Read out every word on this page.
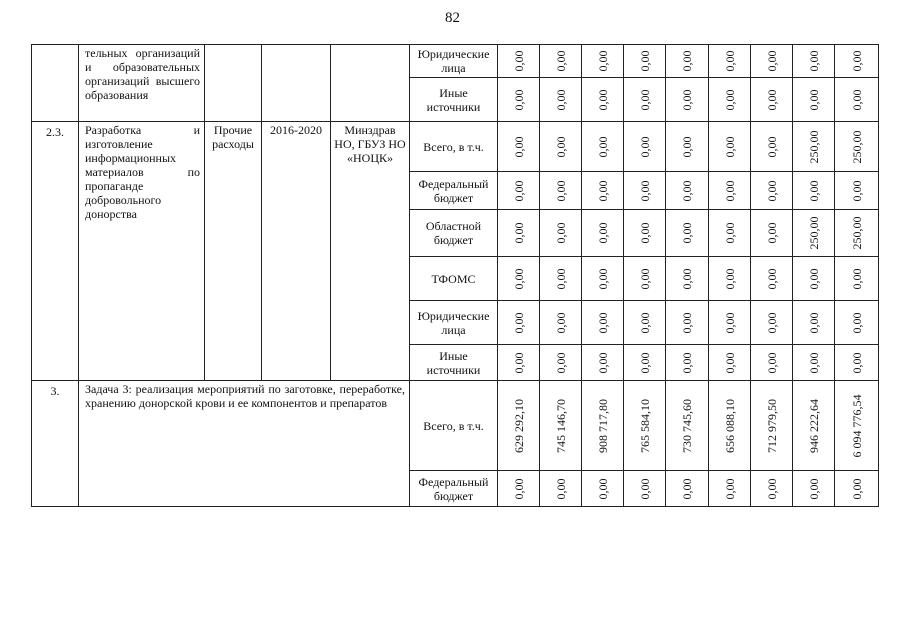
82
	тельных организаций и образовательных организаций высшего образования				Юридические лица	0,00	0,00	0,00	0,00	0,00	0,00	0,00	0,00	0,00

					Иные источники	0,00	0,00	0,00	0,00	0,00	0,00	0,00	0,00	0,00

2.3.	Разработка и изготовление информационных материалов по пропаганде добровольного донорства	Прочие расходы	2016-2020	Минздрав НО, ГБУЗ НО «НОЦК»	Всего, в т.ч.	0,00	0,00	0,00	0,00	0,00	0,00	0,00	250,00	250,00

					Федеральный бюджет	0,00	0,00	0,00	0,00	0,00	0,00	0,00	0,00	0,00

					Областной бюджет	0,00	0,00	0,00	0,00	0,00	0,00	0,00	250,00	250,00

					ТФОМС	0,00	0,00	0,00	0,00	0,00	0,00	0,00	0,00	0,00

					Юридические лица	0,00	0,00	0,00	0,00	0,00	0,00	0,00	0,00	0,00

					Иные источники	0,00	0,00	0,00	0,00	0,00	0,00	0,00	0,00	0,00

3.	Задача 3: реализация мероприятий по заготовке, переработке, хранению донорской крови и ее компонентов и препаратов				Всего, в т.ч.	629 292,10	745 146,70	908 717,80	765 584,10	730 745,60	656 088,10	712 979,50	946 222,64	6 094 776,54

					Федеральный бюджет	0,00	0,00	0,00	0,00	0,00	0,00	0,00	0,00	0,00
